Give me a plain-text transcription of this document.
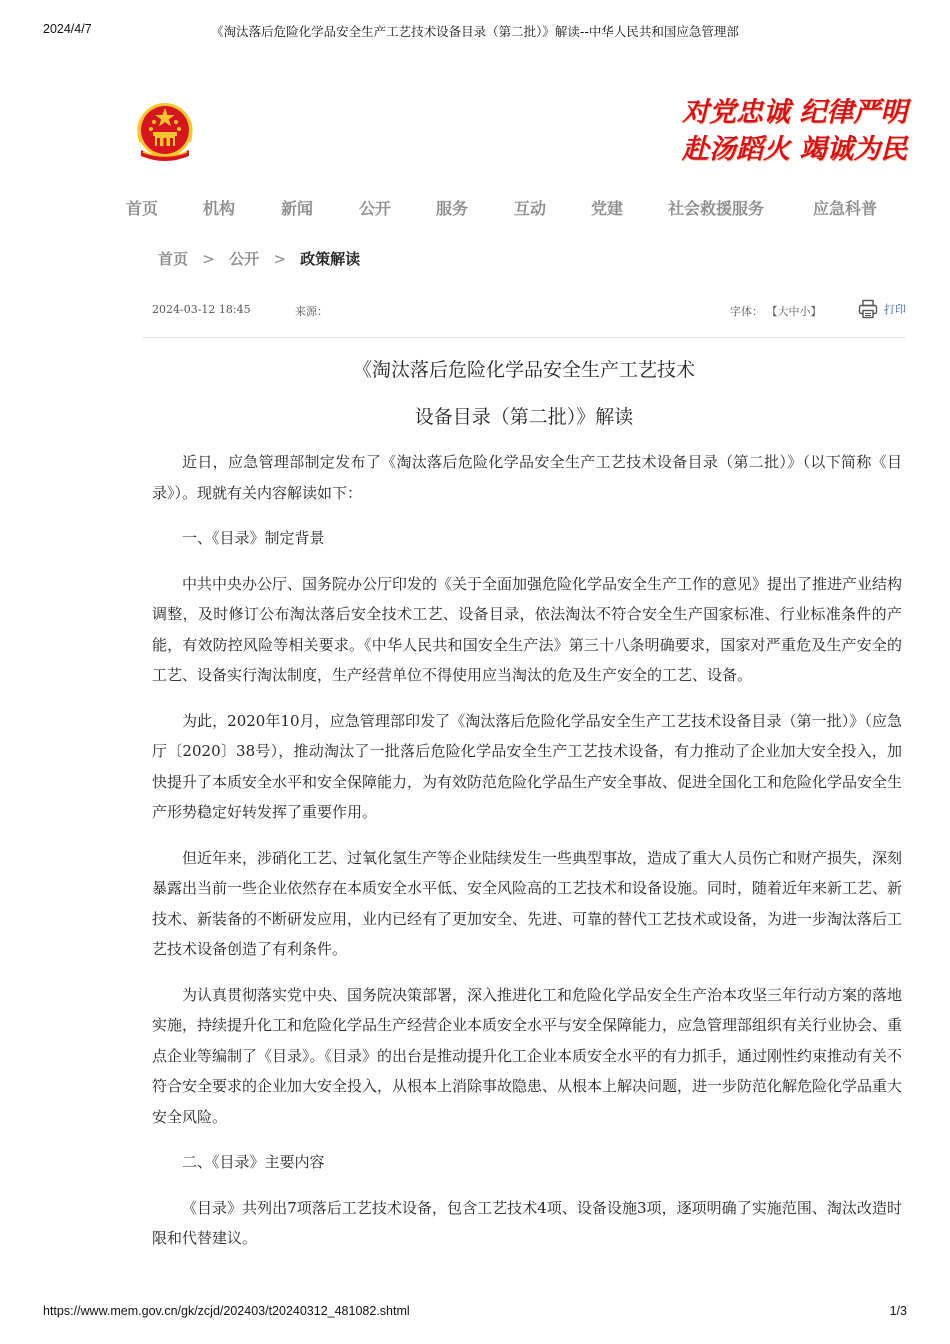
2024/4/7	《淘汰落后危险化学品安全生产工艺技术设备目录（第二批）》解读--中华人民共和国应急管理部
对党忠诚 纪律严明
赴汤蹈火 竭诚为民
首页	机构	新闻	公开	服务	互动	党建	社会救援服务	应急科普
首页 > 公开 > 政策解读
2024-03-12 18:45	来源：	字体： 【大中小】	打印
《淘汰落后危险化学品安全生产工艺技术
设备目录（第二批）》解读

近日，应急管理部制定发布了《淘汰落后危险化学品安全生产工艺技术设备目录（第二批）》（以下简称《目录》）。现就有关内容解读如下：

一、《目录》制定背景

中共中央办公厅、国务院办公厅印发的《关于全面加强危险化学品安全生产工作的意见》提出了推进产业结构调整，及时修订公布淘汰落后安全技术工艺、设备目录，依法淘汰不符合安全生产国家标准、行业标准条件的产能，有效防控风险等相关要求。《中华人民共和国安全生产法》第三十八条明确要求，国家对严重危及生产安全的工艺、设备实行淘汰制度，生产经营单位不得使用应当淘汰的危及生产安全的工艺、设备。

为此，2020年10月，应急管理部印发了《淘汰落后危险化学品安全生产工艺技术设备目录（第一批）》（应急厅〔2020〕38号），推动淘汰了一批落后危险化学品安全生产工艺技术设备，有力推动了企业加大安全投入，加快提升了本质安全水平和安全保障能力，为有效防范危险化学品生产安全事故、促进全国化工和危险化学品安全生产形势稳定好转发挥了重要作用。

但近年来，涉硝化工艺、过氧化氢生产等企业陆续发生一些典型事故，造成了重大人员伤亡和财产损失，深刻暴露出当前一些企业依然存在本质安全水平低、安全风险高的工艺技术和设备设施。同时，随着近年来新工艺、新技术、新装备的不断研发应用，业内已经有了更加安全、先进、可靠的替代工艺技术或设备，为进一步淘汰落后工艺技术设备创造了有利条件。

为认真贯彻落实党中央、国务院决策部署，深入推进化工和危险化学品安全生产治本攻坚三年行动方案的落地实施，持续提升化工和危险化学品生产经营企业本质安全水平与安全保障能力，应急管理部组织有关行业协会、重点企业等编制了《目录》。《目录》的出台是推动提升化工企业本质安全水平的有力抓手，通过刚性约束推动有关不符合安全要求的企业加大安全投入，从根本上消除事故隐患、从根本上解决问题，进一步防范化解危险化学品重大安全风险。

二、《目录》主要内容

《目录》共列出7项落后工艺技术设备，包含工艺技术4项、设备设施3项，逐项明确了实施范围、淘汰改造时限和代替建议。

https://www.mem.gov.cn/gk/zcjd/202403/t20240312_481082.shtml	1/3
